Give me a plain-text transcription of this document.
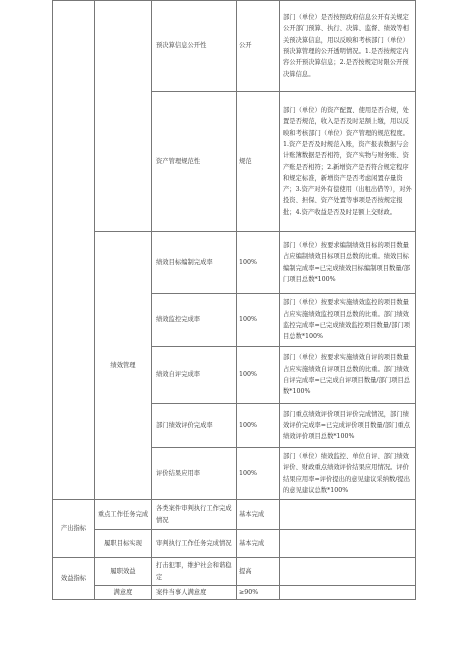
		预决算信息公开性	公开	部门（单位）是否按照政府信息公开有关规定公开部门预算、执行、决算、监督、绩效等相关预决算信息，用以反映和考核部门（单位）预决算管理的公开透明情况。1.是否按规定内容公开预决算信息；2.是否按规定时限公开预决算信息。
		资产管理规范性	规范	部门（单位）的资产配置、使用是否合规，处置是否规范，收入是否及时足额上缴，用以反映和考核部门（单位）资产管理的规范程度。1.资产是否及时规范入账，资产报表数据与会计账簿数据是否相符，资产实物与财务账、资产账是否相符；2.新增资产是否符合规定程序和规定标准，新增资产是否考虑闲置存量资产；3.资产对外有偿使用（出租出借等），对外投资、担保、资产处置等事项是否按规定报批；4.资产收益是否及时足额上交财政。
	绩效管理	绩效目标编制完成率	100%	部门（单位）按要求编制绩效目标的项目数量占应编制绩效目标项目总数的比重。绩效目标编制完成率=已完成绩效目标编制项目数量/部门项目总数*100%
		绩效监控完成率	100%	部门（单位）按要求实施绩效监控的项目数量占应实施绩效监控项目总数的比重。部门绩效监控完成率=已完成绩效监控项目数量/部门项目总数*100%
		绩效自评完成率	100%	部门（单位）按要求实施绩效自评的项目数量占应实施绩效自评项目总数的比重。部门绩效自评完成率=已完成自评项目数量/部门项目总数*100%
		部门绩效评价完成率	100%	部门重点绩效评价项目评价完成情况，部门绩效评价完成率=已完成评价项目数量/部门重点绩效评价项目总数*100%
		评价结果应用率	100%	部门（单位）绩效监控、单位自评、部门绩效评价、财政重点绩效评价结果应用情况。评价结果应用率=评价提出的意见建议采纳数/提出的意见建议总数*100%
产出指标	重点工作任务完成	各类案件审判执行工作完成情况	基本完成	
	履职目标实现	审判执行工作任务完成情况	基本完成	
效益指标	履职效益	打击犯罪，维护社会和谐稳定	提高	
	满意度	案件当事人满意度	≥90%	
